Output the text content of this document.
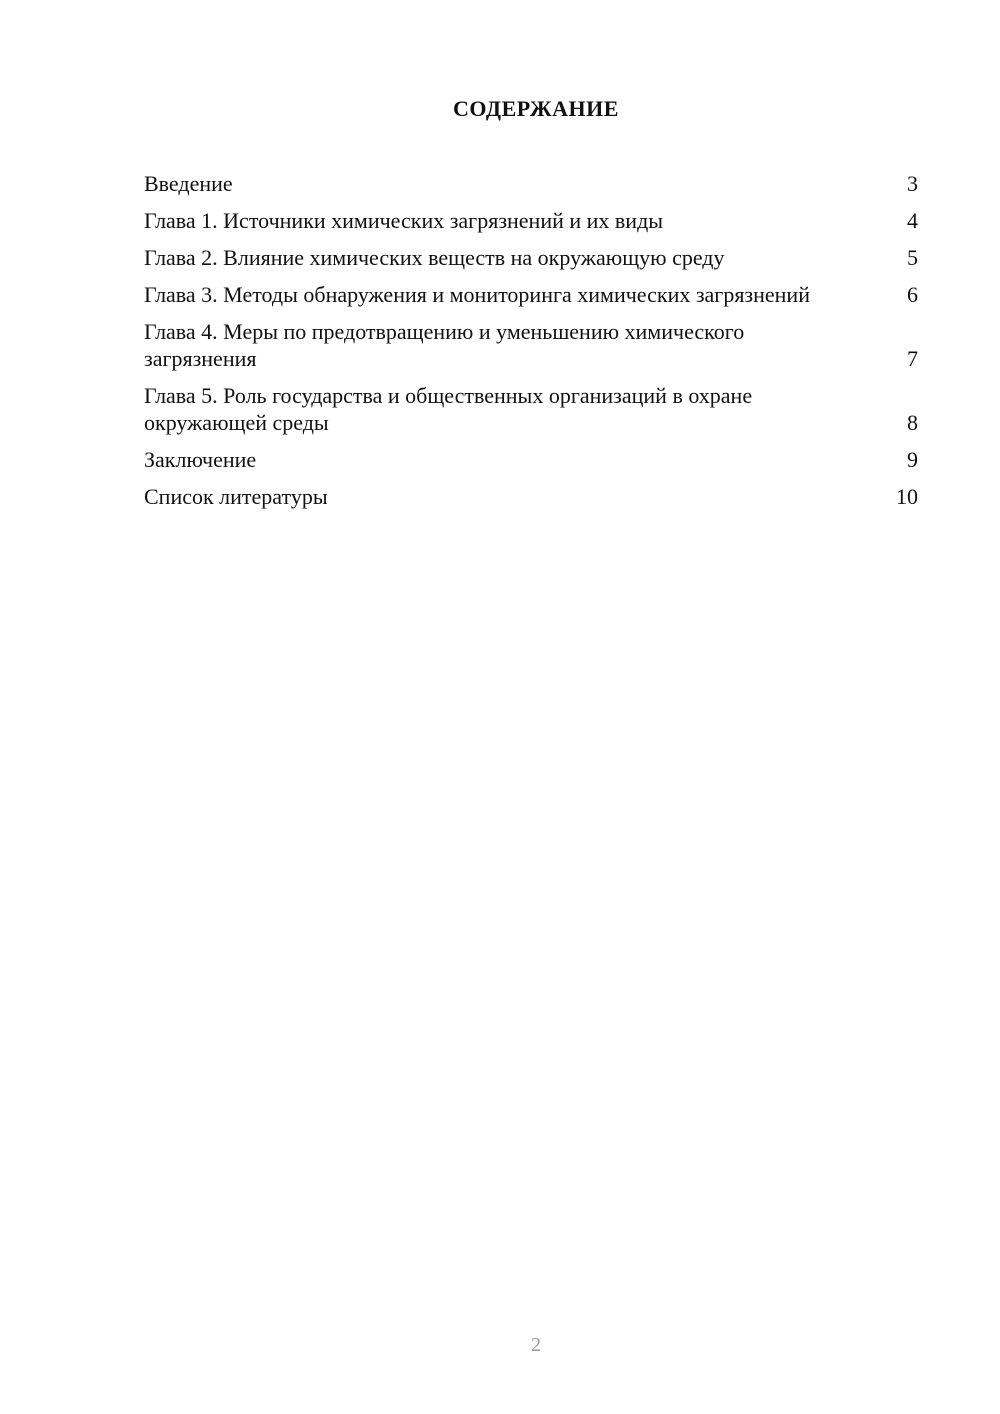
СОДЕРЖАНИЕ
Введение	3
Глава 1. Источники химических загрязнений и их виды	4
Глава 2. Влияние химических веществ на окружающую среду	5
Глава 3. Методы обнаружения и мониторинга химических загрязнений	6
Глава 4. Меры по предотвращению и уменьшению химического загрязнения	7
Глава 5. Роль государства и общественных организаций в охране окружающей среды	8
Заключение	9
Список литературы	10
2
